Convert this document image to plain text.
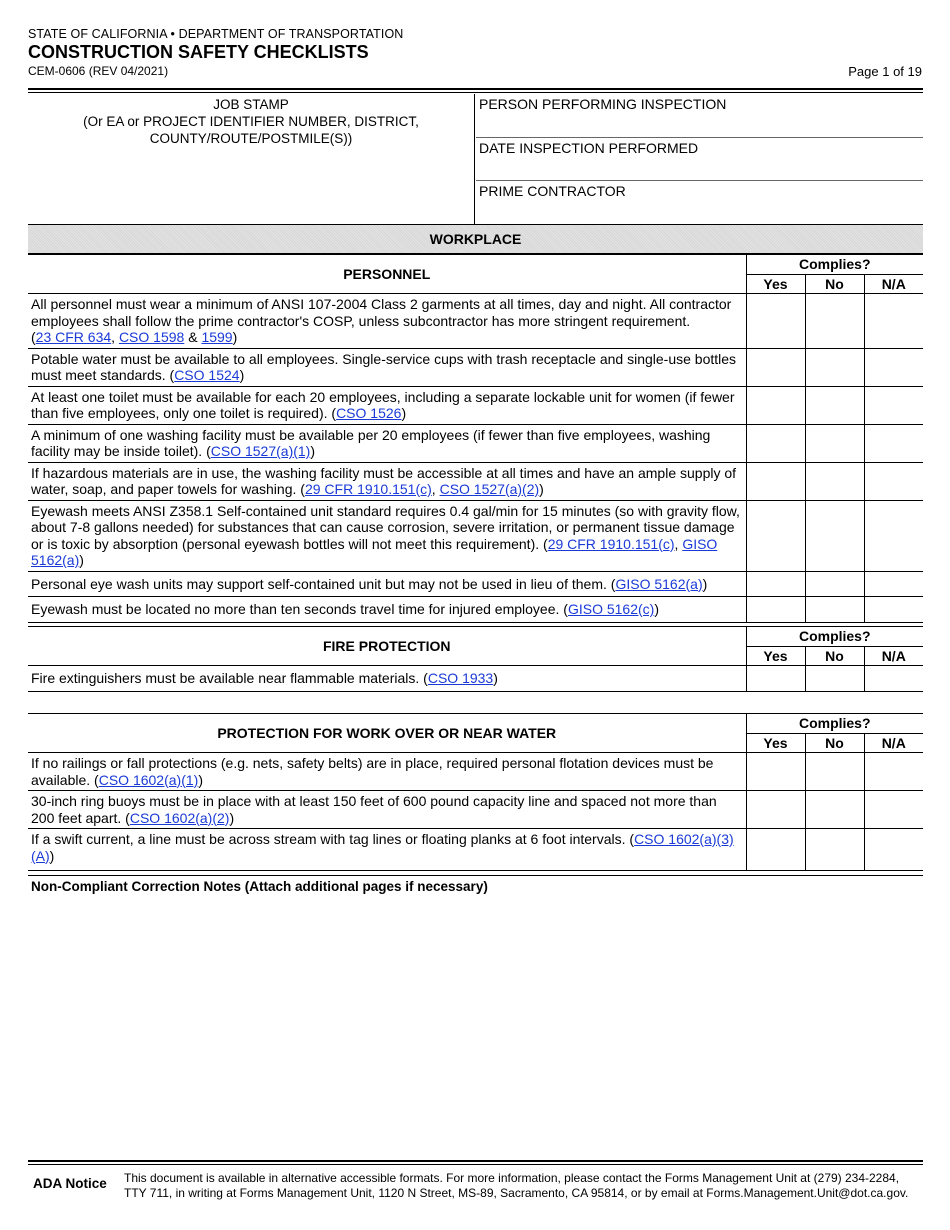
STATE OF CALIFORNIA • DEPARTMENT OF TRANSPORTATION
CONSTRUCTION SAFETY CHECKLISTS
CEM-0606 (REV 04/2021)	Page 1 of 19
JOB STAMP
(Or EA or PROJECT IDENTIFIER NUMBER, DISTRICT,
COUNTY/ROUTE/POSTMILE(S))
PERSON PERFORMING INSPECTION
DATE INSPECTION PERFORMED
PRIME CONTRACTOR
WORKPLACE
PERSONNEL	Complies?		
	Yes	No	N/A
All personnel must wear a minimum of ANSI 107-2004 Class 2 garments at all times, day and night. All contractor employees shall follow the prime contractor's COSP, unless subcontractor has more stringent requirement.
(23 CFR 634, CSO 1598 & 1599)			
Potable water must be available to all employees. Single-service cups with trash receptacle and single-use bottles must meet standards. (CSO 1524)			
At least one toilet must be available for each 20 employees, including a separate lockable unit for women (if fewer than five employees, only one toilet is required). (CSO 1526)			
A minimum of one washing facility must be available per 20 employees (if fewer than five employees, washing facility may be inside toilet). (CSO 1527(a)(1))			
If hazardous materials are in use, the washing facility must be accessible at all times and have an ample supply of water, soap, and paper towels for washing. (29 CFR 1910.151(c), CSO 1527(a)(2))			
Eyewash meets ANSI Z358.1 Self-contained unit standard requires 0.4 gal/min for 15 minutes (so with gravity flow, about 7-8 gallons needed) for substances that can cause corrosion, severe irritation, or permanent tissue damage or is toxic by absorption (personal eyewash bottles will not meet this requirement). (29 CFR 1910.151(c), GISO 5162(a))			
Personal eye wash units may support self-contained unit but may not be used in lieu of them. (GISO 5162(a))			
Eyewash must be located no more than ten seconds travel time for injured employee. (GISO 5162(c))			
FIRE PROTECTION	Complies?		
	Yes	No	N/A
Fire extinguishers must be available near flammable materials. (CSO 1933)			
PROTECTION FOR WORK OVER OR NEAR WATER	Complies?		
	Yes	No	N/A
If no railings or fall protections (e.g. nets, safety belts) are in place, required personal flotation devices must be available. (CSO 1602(a)(1))			
30-inch ring buoys must be in place with at least 150 feet of 600 pound capacity line and spaced not more than 200 feet apart. (CSO 1602(a)(2))			
If a swift current, a line must be across stream with tag lines or floating planks at 6 foot intervals. (CSO 1602(a)(3)(A))			
Non-Compliant Correction Notes (Attach additional pages if necessary)
ADA Notice This document is available in alternative accessible formats. For more information, please contact the Forms Management Unit at (279) 234-2284,
TTY 711, in writing at Forms Management Unit, 1120 N Street, MS-89, Sacramento, CA 95814, or by email at Forms.Management.Unit@dot.ca.gov.
